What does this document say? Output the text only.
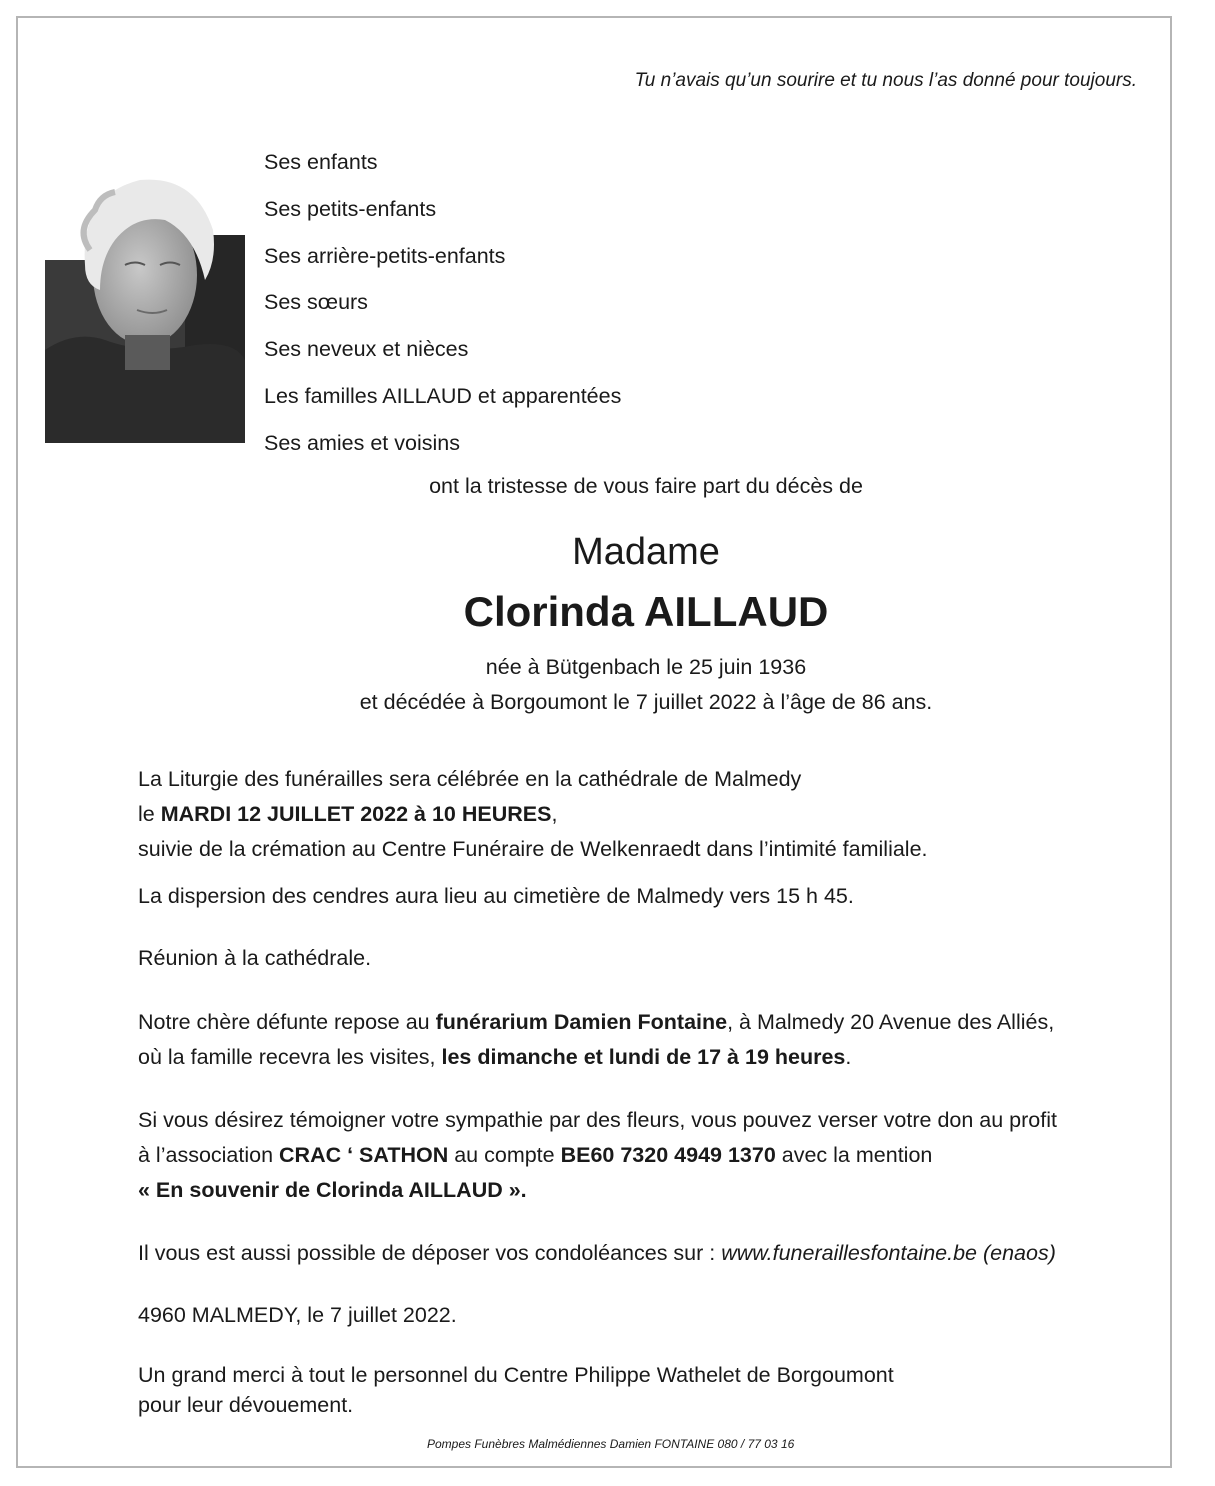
Tu n’avais qu’un sourire et tu nous l’as donné pour toujours.
Ses enfants
Ses petits-enfants
Ses arrière-petits-enfants
Ses sœurs
Ses neveux et nièces
Les familles AILLAUD et apparentées
Ses amies et voisins
ont la tristesse de vous faire part du décès de
Madame
Clorinda AILLAUD
née à Bütgenbach le 25 juin 1936
et décédée à Borgoumont le 7 juillet 2022 à l’âge de 86 ans.
La Liturgie des funérailles sera célébrée en la cathédrale de Malmedy
le MARDI 12 JUILLET 2022 à 10 HEURES,
suivie de la crémation au Centre Funéraire de Welkenraedt dans l’intimité familiale.
La dispersion des cendres aura lieu au cimetière de Malmedy vers 15 h 45.
Réunion à la cathédrale.
Notre chère défunte repose au funérarium Damien Fontaine, à Malmedy 20 Avenue des Alliés,
où la famille recevra les visites, les dimanche et lundi de 17 à 19 heures.
Si vous désirez témoigner votre sympathie par des fleurs, vous pouvez verser votre don au profit
à l’association CRAC ‘ SATHON au compte BE60 7320 4949 1370 avec la mention
« En souvenir de Clorinda AILLAUD ».
Il vous est aussi possible de déposer vos condoléances sur : www.funeraillesfontaine.be (enaos)
4960 MALMEDY, le 7 juillet 2022.
Un grand merci à tout le personnel du Centre Philippe Wathelet de Borgoumont
pour leur dévouement.
Pompes Funèbres Malmédiennes Damien FONTAINE 080 / 77 03 16
